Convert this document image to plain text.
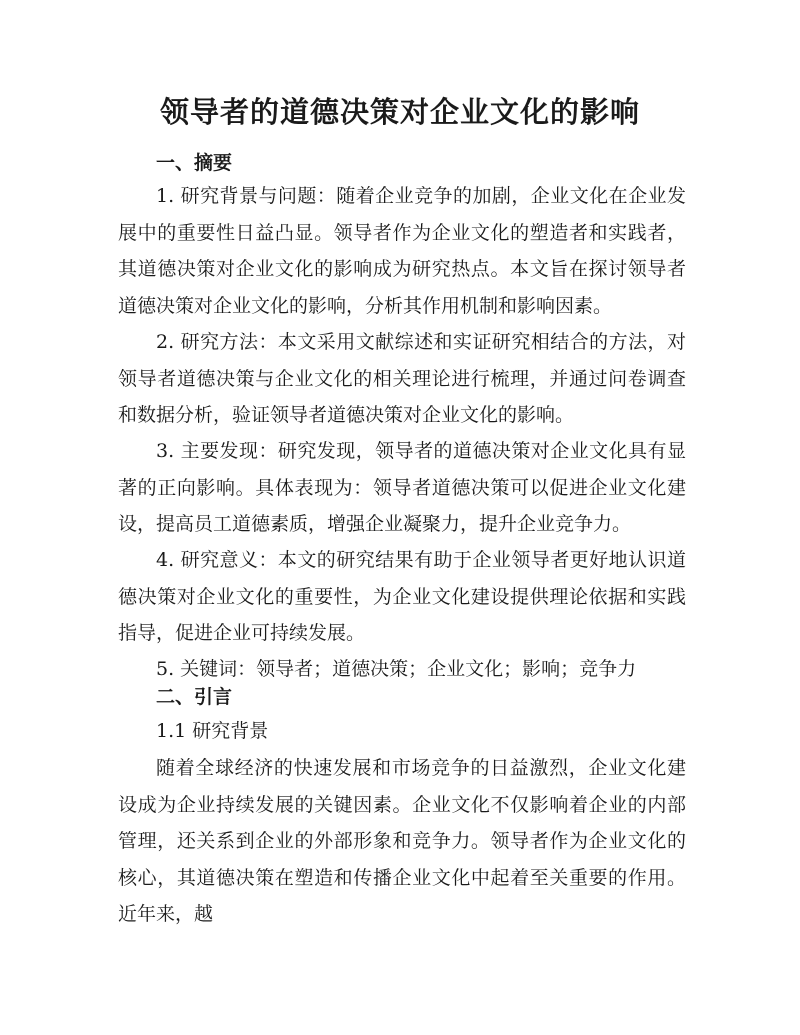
领导者的道德决策对企业文化的影响
一、摘要
1. 研究背景与问题：随着企业竞争的加剧，企业文化在企业发展中的重要性日益凸显。领导者作为企业文化的塑造者和实践者，其道德决策对企业文化的影响成为研究热点。本文旨在探讨领导者道德决策对企业文化的影响，分析其作用机制和影响因素。
2. 研究方法：本文采用文献综述和实证研究相结合的方法，对领导者道德决策与企业文化的相关理论进行梳理，并通过问卷调查和数据分析，验证领导者道德决策对企业文化的影响。
3. 主要发现：研究发现，领导者的道德决策对企业文化具有显著的正向影响。具体表现为：领导者道德决策可以促进企业文化建设，提高员工道德素质，增强企业凝聚力，提升企业竞争力。
4. 研究意义：本文的研究结果有助于企业领导者更好地认识道德决策对企业文化的重要性，为企业文化建设提供理论依据和实践指导，促进企业可持续发展。
5. 关键词：领导者；道德决策；企业文化；影响；竞争力
二、引言
1.1 研究背景
随着全球经济的快速发展和市场竞争的日益激烈，企业文化建设成为企业持续发展的关键因素。企业文化不仅影响着企业的内部管理，还关系到企业的外部形象和竞争力。领导者作为企业文化的核心，其道德决策在塑造和传播企业文化中起着至关重要的作用。近年来，越
